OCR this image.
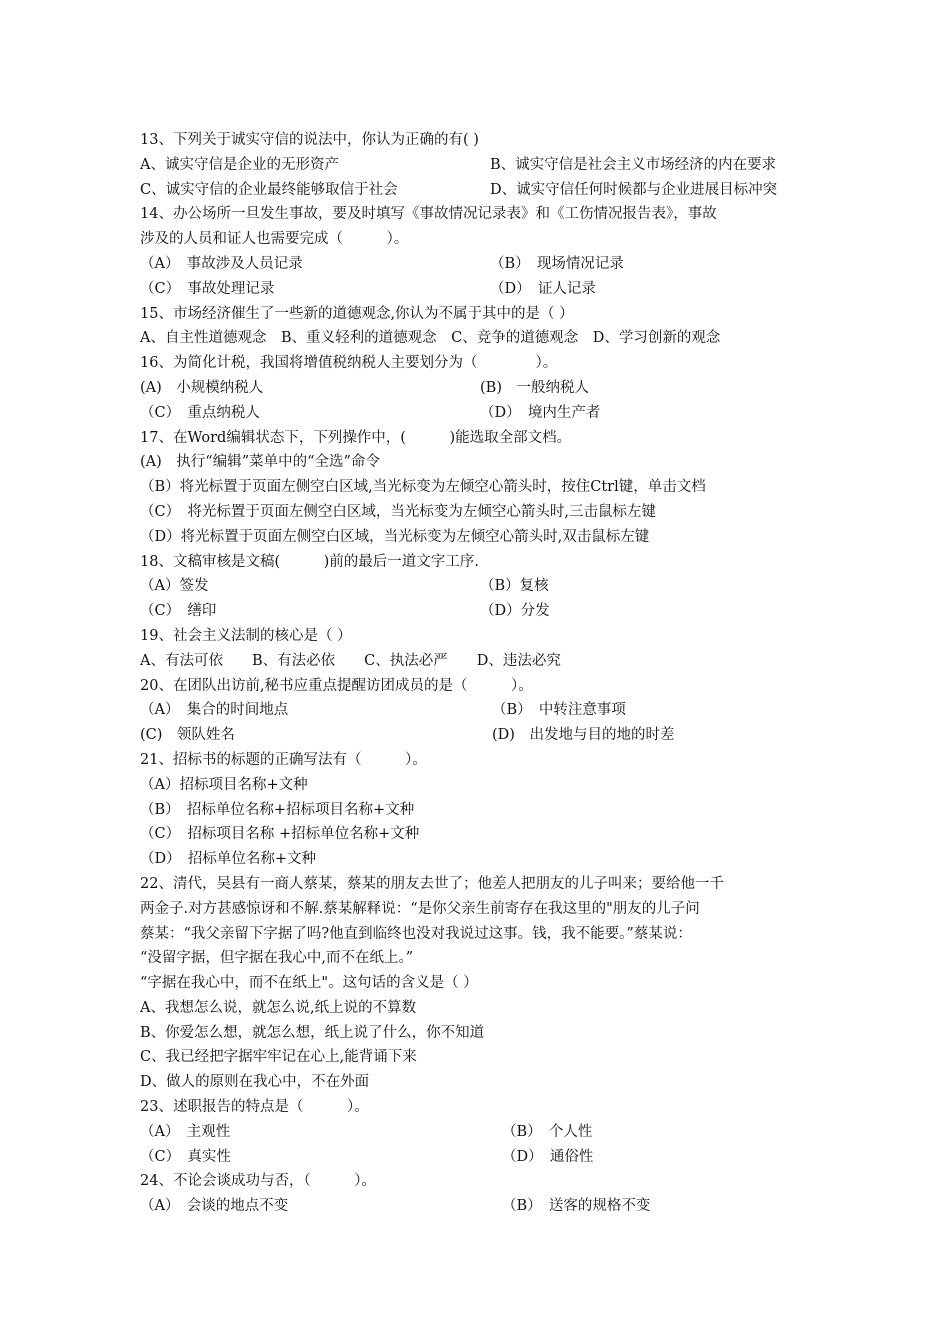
13、下列关于诚实守信的说法中，你认为正确的有( )
A、诚实守信是企业的无形资产	B、诚实守信是社会主义市场经济的内在要求
C、诚实守信的企业最终能够取信于社会	D、诚实守信任何时候都与企业进展目标冲突
14、办公场所一旦发生事故，要及时填写《事故情况记录表》和《工伤情况报告表》，事故
涉及的人员和证人也需要完成（　　　）。
（A）　事故涉及人员记录	（B）　现场情况记录
（C）　事故处理记录	（D）　证人记录
15、市场经济催生了一些新的道德观念,你认为不属于其中的是（ ）
A、自主性道德观念　B、重义轻利的道德观念　C、竞争的道德观念　D、学习创新的观念
16、为简化计税，我国将增值税纳税人主要划分为（　　　　）。
(A)　小规模纳税人	(B)　一般纳税人
（C）　重点纳税人	（D）　境内生产者
17、在Word编辑状态下，下列操作中，(　　　)能选取全部文档。
(A)　执行“编辑”菜单中的“全选”命令
（B）将光标置于页面左侧空白区域,当光标变为左倾空心箭头时，按住Ctrl键，单击文档
（C）　将光标置于页面左侧空白区域，当光标变为左倾空心箭头时,三击鼠标左键
（D）将光标置于页面左侧空白区域，当光标变为左倾空心箭头时,双击鼠标左键
18、文稿审核是文稿(　　　)前的最后一道文字工序.
（A）签发	（B）复核
（C）　缮印	（D）分发
19、社会主义法制的核心是（ ）
A、有法可依　　B、有法必依　　C、执法必严　　D、违法必究
20、在团队出访前,秘书应重点提醒访团成员的是（　　　）。
（A）　集合的时间地点	（B）　中转注意事项
(C)　领队姓名	(D)　出发地与目的地的时差
21、招标书的标题的正确写法有（　　　）。
（A）招标项目名称+文种
（B）　招标单位名称+招标项目名称+文种
（C）　招标项目名称 +招标单位名称+文种
（D）　招标单位名称+文种
22、清代，吴县有一商人蔡某，蔡某的朋友去世了；他差人把朋友的儿子叫来；要给他一千
两金子.对方甚感惊讶和不解.蔡某解释说：“是你父亲生前寄存在我这里的"朋友的儿子问
蔡某：“我父亲留下字据了吗?他直到临终也没对我说过这事。钱，我不能要。”蔡某说：
“没留字据，但字据在我心中,而不在纸上。”
“字据在我心中，而不在纸上"。这句话的含义是（ ）
A、我想怎么说，就怎么说,纸上说的不算数
B、你爱怎么想，就怎么想，纸上说了什么，你不知道
C、我已经把字据牢牢记在心上,能背诵下来
D、做人的原则在我心中，不在外面
23、述职报告的特点是（　　　）。
（A）　主观性	（B）　个人性
（C）　真实性	（D）　通俗性
24、不论会谈成功与否，（　　　）。
（A）　会谈的地点不变	（B）　送客的规格不变
